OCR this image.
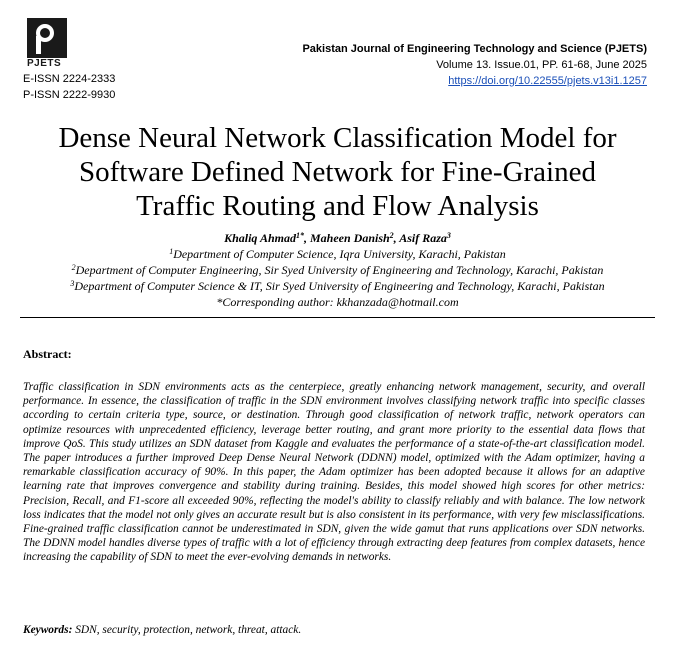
PJETS
E-ISSN 2224-2333
P-ISSN 2222-9930
Pakistan Journal of Engineering Technology and Science (PJETS)
Volume 13. Issue.01, PP. 61-68, June 2025
https://doi.org/10.22555/pjets.v13i1.1257
Dense Neural Network Classification Model for
Software Defined Network for Fine-Grained
Traffic Routing and Flow Analysis
Khaliq Ahmad$^{1*}$, Maheen Danish$^2$, Asif Raza$^3$
$^1$Department of Computer Science, Iqra University, Karachi, Pakistan
$^2$Department of Computer Engineering, Sir Syed University of Engineering and Technology, Karachi, Pakistan
$^3$Department of Computer Science & IT, Sir Syed University of Engineering and Technology, Karachi, Pakistan
*Corresponding author: kkhanzada@hotmail.com
Abstract:
Traffic classification in SDN environments acts as the centerpiece, greatly enhancing network management, security, and overall performance. In essence, the classification of traffic in the SDN environment involves classifying network traffic into specific classes according to certain criteria type, source, or destination. Through good classification of network traffic, network operators can optimize resources with unprecedented efficiency, leverage better routing, and grant more priority to the essential data flows that improve QoS. This study utilizes an SDN dataset from Kaggle and evaluates the performance of a state-of-the-art classification model. The paper introduces a further improved Deep Dense Neural Network (DDNN) model, optimized with the Adam optimizer, having a remarkable classification accuracy of 90%. In this paper, the Adam optimizer has been adopted because it allows for an adaptive learning rate that improves convergence and stability during training. Besides, this model showed high scores for other metrics: Precision, Recall, and F1-score all exceeded 90%, reflecting the model's ability to classify reliably and with balance. The low network loss indicates that the model not only gives an accurate result but is also consistent in its performance, with very few misclassifications. Fine-grained traffic classification cannot be underestimated in SDN, given the wide gamut that runs applications over SDN networks. The DDNN model handles diverse types of traffic with a lot of efficiency through extracting deep features from complex datasets, hence increasing the capability of SDN to meet the ever-evolving demands in networks.
Keywords: SDN, security, protection, network, threat, attack.
